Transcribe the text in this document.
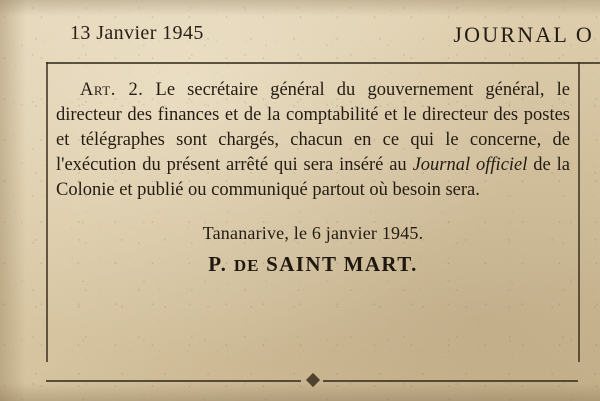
13 Janvier 1945	JOURNAL O

Art. 2. Le secrétaire général du gouvernement général, le directeur des finances et de la comptabilité et le directeur des postes et télégraphes sont chargés, chacun en ce qui le concerne, de l'exécution du présent arrêté qui sera inséré au Journal officiel de la Colonie et publié ou communiqué partout où besoin sera.

Tananarive, le 6 janvier 1945.
P. DE SAINT MART.
